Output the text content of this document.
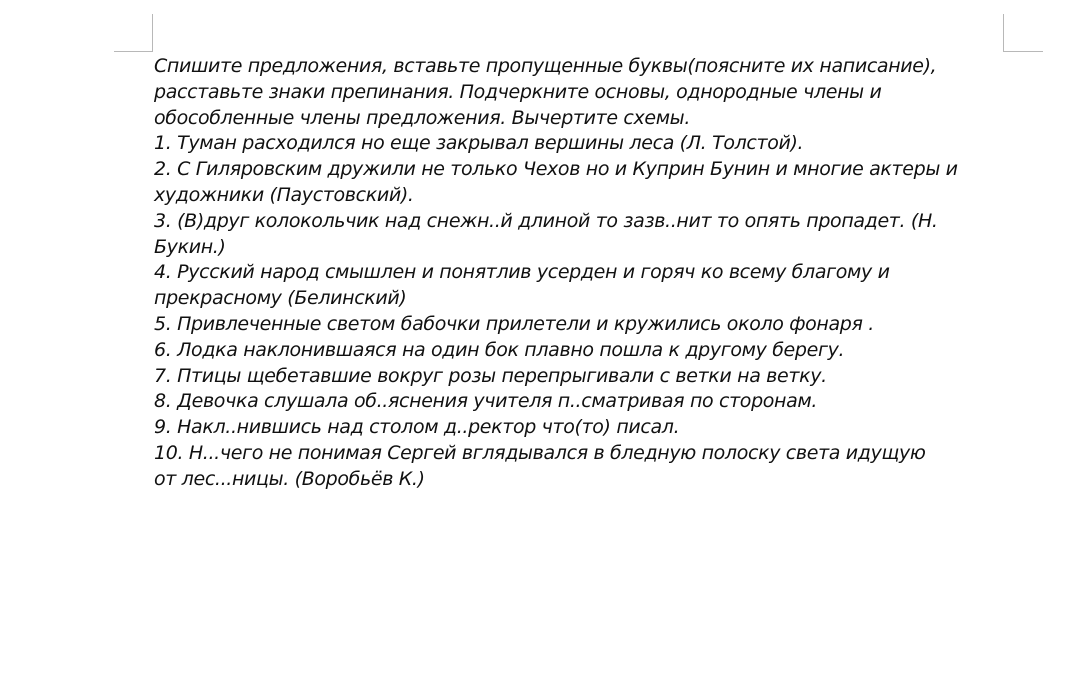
Спишите предложения, вставьте пропущенные буквы(поясните их написание),
расставьте знаки препинания. Подчеркните основы, однородные члены и
обособленные члены предложения. Вычертите схемы.
1. Туман расходился но еще закрывал вершины леса (Л. Толстой).
2. С Гиляровским дружили не только Чехов но и Куприн Бунин и многие актеры и
художники (Паустовский).
3. (В)друг колокольчик над снежн..й длиной то зазв..нит то опять пропадет. (Н.
Букин.)
4. Русский народ смышлен и понятлив усерден и горяч ко всему благому и
прекрасному (Белинский)
5. Привлеченные светом бабочки прилетели и кружились около фонаря .
6. Лодка наклонившаяся на один бок плавно пошла к другому берегу.
7. Птицы щебетавшие вокруг розы перепрыгивали с ветки на ветку.
8. Девочка слушала об..яснения учителя п..сматривая по сторонам.
9. Накл..нившись над столом д..ректор что(то) писал.
10. Н...чего не понимая Сергей вглядывался в бледную полоску света идущую
от лес...ницы. (Воробьёв К.)
